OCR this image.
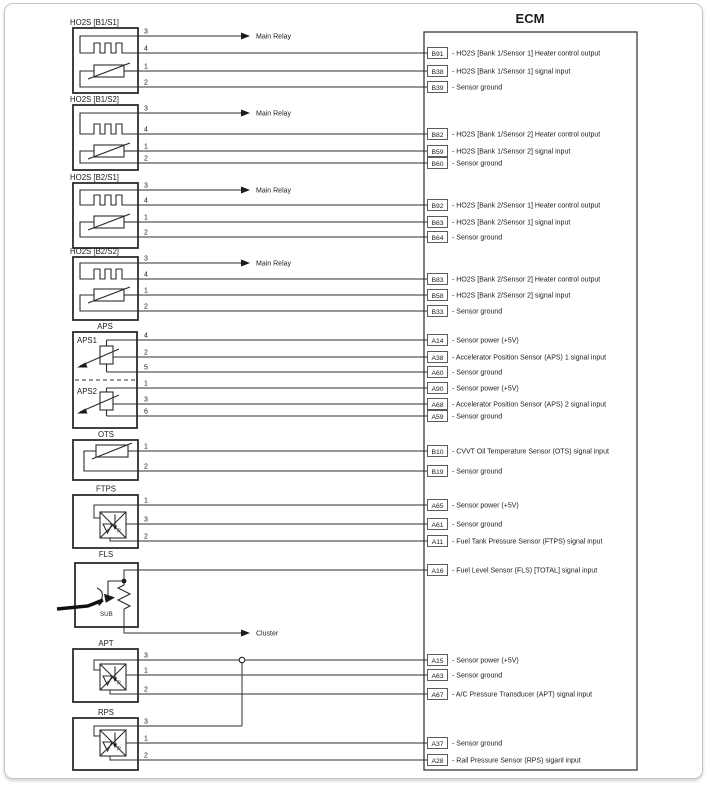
ECM
HO2S [B1/S1]
Main Relay
3
4
1
2
HO2S [B1/S2]
Main Relay
3
4
1
2
HO2S [B2/S1]
Main Relay
3
4
1
2
HO2S [B2/S2]
Main Relay
3
4
1
2
APS
APS1
APS2
4
2
5
1
3
6
OTS
1
2
FTPS
p
1
3
2
FLS
SUB
Cluster
APT
p
3
1
2
RPS
p
3
1
2
B91 - HO2S [Bank 1/Sensor 1] Heater control output
B38 - HO2S [Bank 1/Sensor 1] signal input
B39 - Sensor ground
B82 - HO2S [Bank 1/Sensor 2] Heater control output
B59 - HO2S [Bank 1/Sensor 2] signal input
B60 - Sensor ground
B92 - HO2S [Bank 2/Sensor 1] Heater control output
B63 - HO2S [Bank 2/Sensor 1] signal input
B64 - Sensor ground
B83 - HO2S [Bank 2/Sensor 2] Heater control output
B58 - HO2S [Bank 2/Sensor 2] signal input
B33 - Sensor ground
A14 - Sensor power (+5V)
A38 - Accelerator Position Sensor (APS) 1 signal input
A60 - Sensor ground
A90 - Sensor power (+5V)
A68 - Accelerator Position Sensor (APS) 2 signal input
A59 - Sensor ground
B10 - CVVT Oil Temperature Sensor (OTS) signal input
B19 - Sensor ground
A65 - Sensor power (+5V)
A61 - Sensor ground
A11 - Fuel Tank Pressure Sensor (FTPS) signal input
A16 - Fuel Level Sensor (FLS) [TOTAL] signal input
A15 - Sensor power (+5V)
A63 - Sensor ground
A67 - A/C Pressure Transducer (APT) signal input
A37 - Sensor ground
A28 - Rail Pressure Sensor (RPS) siganl input
